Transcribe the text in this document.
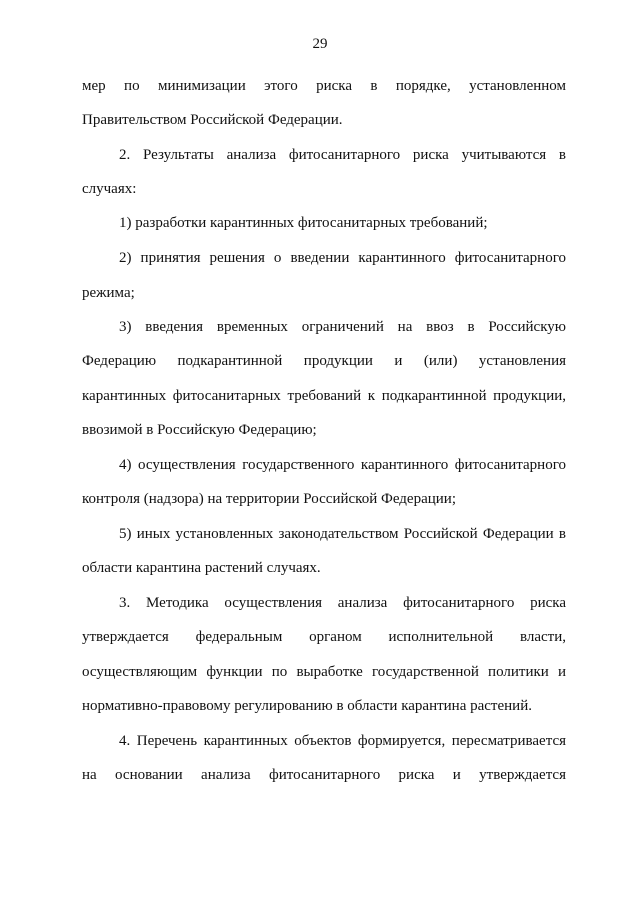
29
мер по минимизации этого риска в порядке, установленном
Правительством Российской Федерации.
2. Результаты анализа фитосанитарного риска учитываются в
случаях:
1) разработки карантинных фитосанитарных требований;
2) принятия решения о введении карантинного фитосанитарного
режима;
3) введения временных ограничений на ввоз в Российскую
Федерацию подкарантинной продукции и (или) установления
карантинных фитосанитарных требований к подкарантинной продукции,
ввозимой в Российскую Федерацию;
4) осуществления государственного карантинного фитосанитарного
контроля (надзора) на территории Российской Федерации;
5) иных установленных законодательством Российской Федерации в
области карантина растений случаях.
3. Методика осуществления анализа фитосанитарного риска
утверждается федеральным органом исполнительной власти,
осуществляющим функции по выработке государственной политики и
нормативно-правовому регулированию в области карантина растений.
4. Перечень карантинных объектов формируется, пересматривается
на основании анализа фитосанитарного риска и утверждается
